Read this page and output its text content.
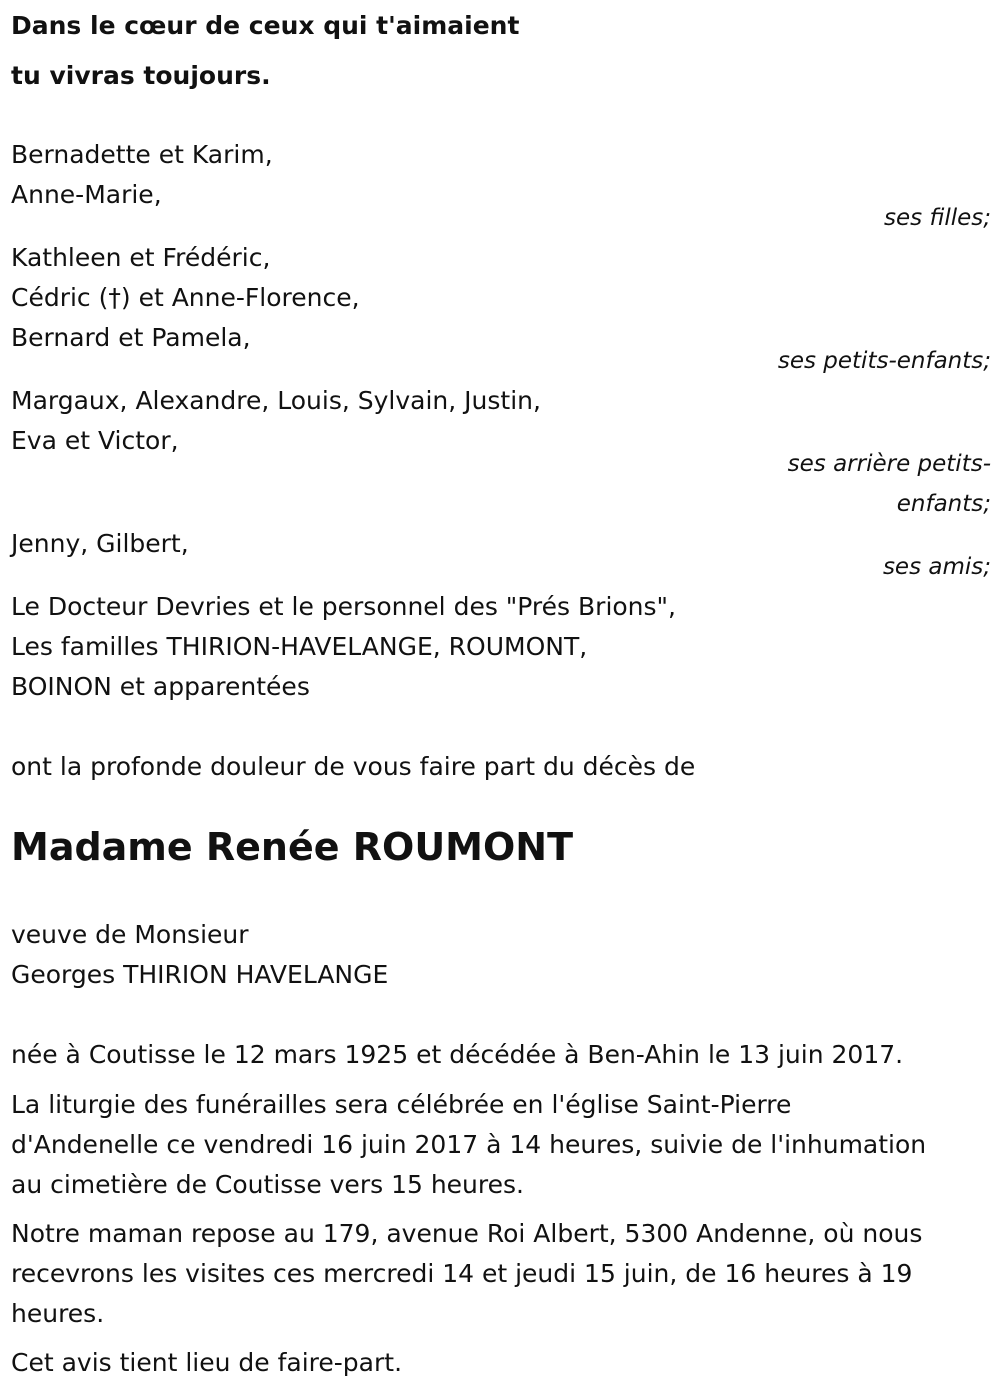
Dans le cœur de ceux qui t'aimaient
tu vivras toujours.
Bernadette et Karim,
Anne-Marie,
ses filles;
Kathleen et Frédéric,
Cédric (†) et Anne-Florence,
Bernard et Pamela,
ses petits-enfants;
Margaux, Alexandre, Louis, Sylvain, Justin,
Eva et Victor,
ses arrière petits-
enfants;
Jenny, Gilbert,
ses amis;
Le Docteur Devries et le personnel des "Prés Brions",
Les familles THIRION-HAVELANGE, ROUMONT,
BOINON et apparentées
ont la profonde douleur de vous faire part du décès de
Madame Renée ROUMONT
veuve de Monsieur
Georges THIRION HAVELANGE
née à Coutisse le 12 mars 1925 et décédée à Ben-Ahin le 13 juin 2017.
La liturgie des funérailles sera célébrée en l'église Saint-Pierre
d'Andenelle ce vendredi 16 juin 2017 à 14 heures, suivie de l'inhumation
au cimetière de Coutisse vers 15 heures.
Notre maman repose au 179, avenue Roi Albert, 5300 Andenne, où nous
recevrons les visites ces mercredi 14 et jeudi 15 juin, de 16 heures à 19
heures.
Cet avis tient lieu de faire-part.
